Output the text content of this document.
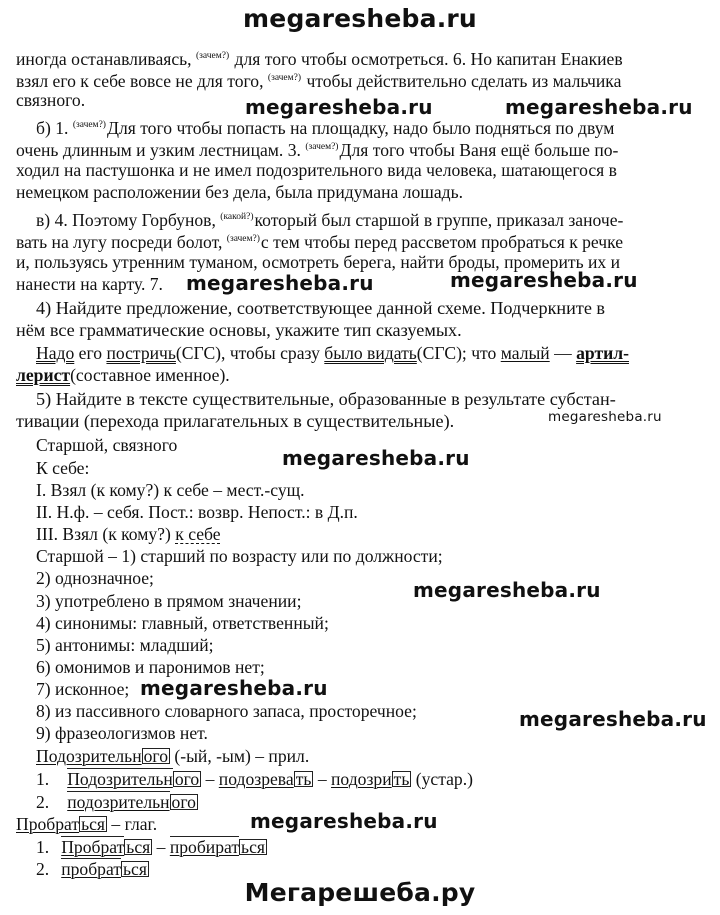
megaresheba.ru
иногда останавливаясь, $^{(зачем?)}$ для того чтобы осмотреться. 6. Но капитан Енакиев
взял его к себе вовсе не для того, $^{(зачем?)}$ чтобы действительно сделать из мальчика
связного.
б) 1. $^{(зачем?)}$Для того чтобы попасть на площадку, надо было подняться по двум
очень длинным и узким лестницам. 3. $^{(зачем?)}$Для того чтобы Ваня ещё больше по-
ходил на пастушонка и не имел подозрительного вида человека, шатающегося в
немецком расположении без дела, была придумана лошадь.
в) 4. Поэтому Горбунов, $^{(какой?)}$который был старшой в группе, приказал заноче-
вать на лугу посреди болот, $^{(зачем?)}$с тем чтобы перед рассветом пробраться к речке
и, пользуясь утренним туманом, осмотреть берега, найти броды, промерить их и
нанести на карту. 7.
4) Найдите предложение, соответствующее данной схеме. Подчеркните в
нём все грамматические основы, укажите тип сказуемых.
Надо его постричь(СГС), чтобы сразу было видать(СГС); что малый — артил-
лерист(составное именное).
5) Найдите в тексте существительные, образованные в результате субстан-
тивации (перехода прилагательных в существительные).
Старшой, связного
К себе:
I. Взял (к кому?) к себе – мест.-сущ.
II. Н.ф. – себя. Пост.: возвр. Непост.: в Д.п.
III. Взял (к кому?) к себе
Старшой – 1) старший по возрасту или по должности;
2) однозначное;
3) употреблено в прямом значении;
4) синонимы: главный, ответственный;
5) антонимы: младший;
6) омонимов и паронимов нет;
7) исконное;
8) из пассивного словарного запаса, просторечное;
9) фразеологизмов нет.
Подозрительн ого (-ый, -ым) – прил.
1. Подозрительн ого – подозрева ть – подозри ть (устар.)
2. подозрительн ого
Пробрат ься – глаг.
1. Пробрат ься – пробират ься
2. пробрат ься
megaresheba.ru	megaresheba.ru
megaresheba.ru	megaresheba.ru
megaresheba.ru
megaresheba.ru
megaresheba.ru
megaresheba.ru
megaresheba.ru
megaresheba.ru
Мегарешеба.ру
